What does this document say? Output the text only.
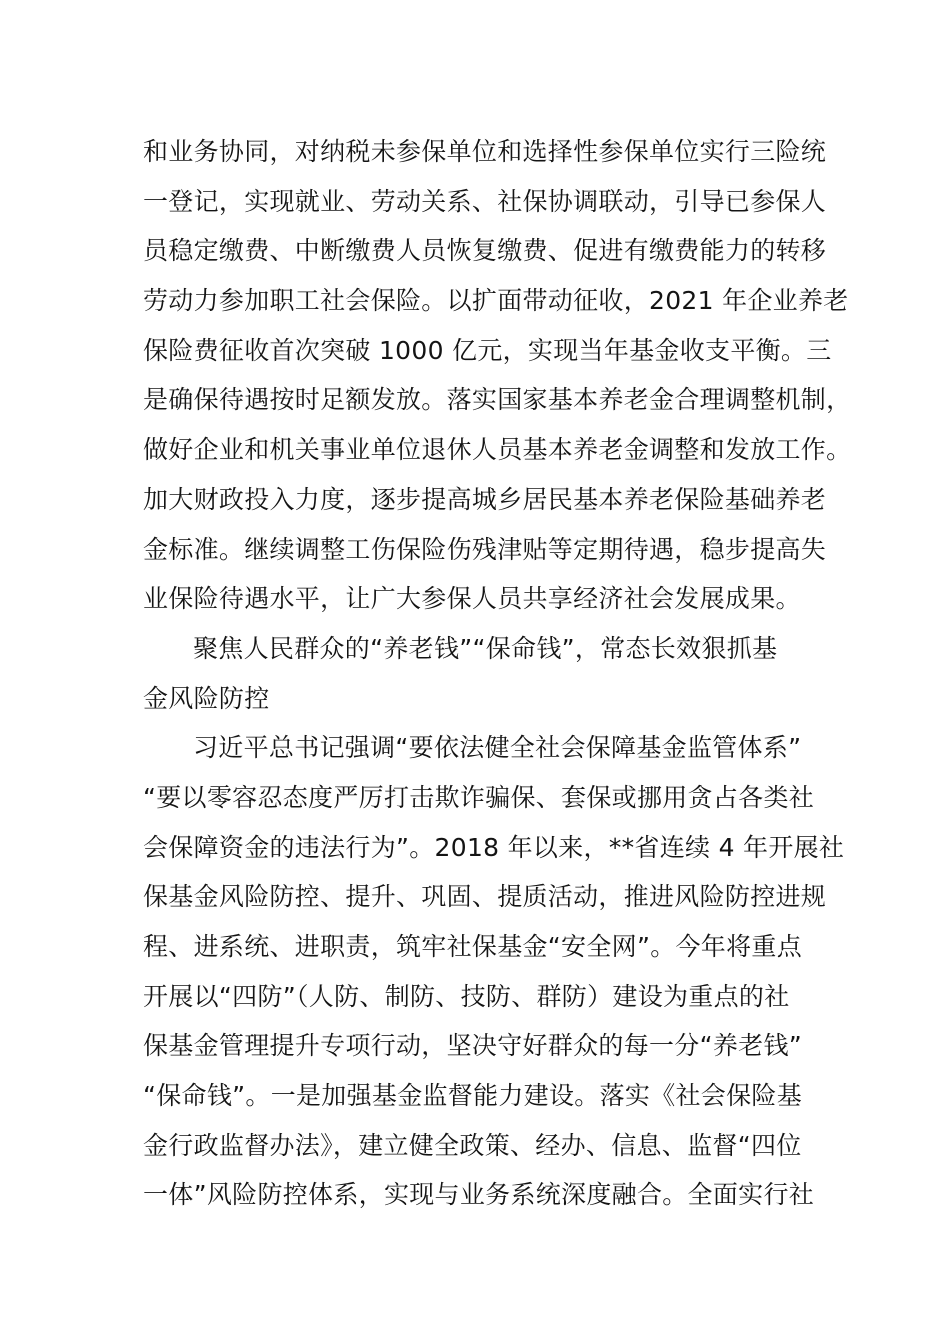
和业务协同，对纳税未参保单位和选择性参保单位实行三险统
一登记，实现就业、劳动关系、社保协调联动，引导已参保人
员稳定缴费、中断缴费人员恢复缴费、促进有缴费能力的转移
劳动力参加职工社会保险。以扩面带动征收，2021 年企业养老
保险费征收首次突破 1000 亿元，实现当年基金收支平衡。三
是确保待遇按时足额发放。落实国家基本养老金合理调整机制，
做好企业和机关事业单位退休人员基本养老金调整和发放工作。
加大财政投入力度，逐步提高城乡居民基本养老保险基础养老
金标准。继续调整工伤保险伤残津贴等定期待遇，稳步提高失
业保险待遇水平，让广大参保人员共享经济社会发展成果。
聚焦人民群众的“养老钱”“保命钱”，常态长效狠抓基
金风险防控
习近平总书记强调“要依法健全社会保障基金监管体系”
“要以零容忍态度严厉打击欺诈骗保、套保或挪用贪占各类社
会保障资金的违法行为”。2018 年以来，**省连续 4 年开展社
保基金风险防控、提升、巩固、提质活动，推进风险防控进规
程、进系统、进职责，筑牢社保基金“安全网”。今年将重点
开展以“四防”（人防、制防、技防、群防）建设为重点的社
保基金管理提升专项行动，坚决守好群众的每一分“养老钱”
“保命钱”。一是加强基金监督能力建设。落实《社会保险基
金行政监督办法》，建立健全政策、经办、信息、监督“四位
一体”风险防控体系，实现与业务系统深度融合。全面实行社
